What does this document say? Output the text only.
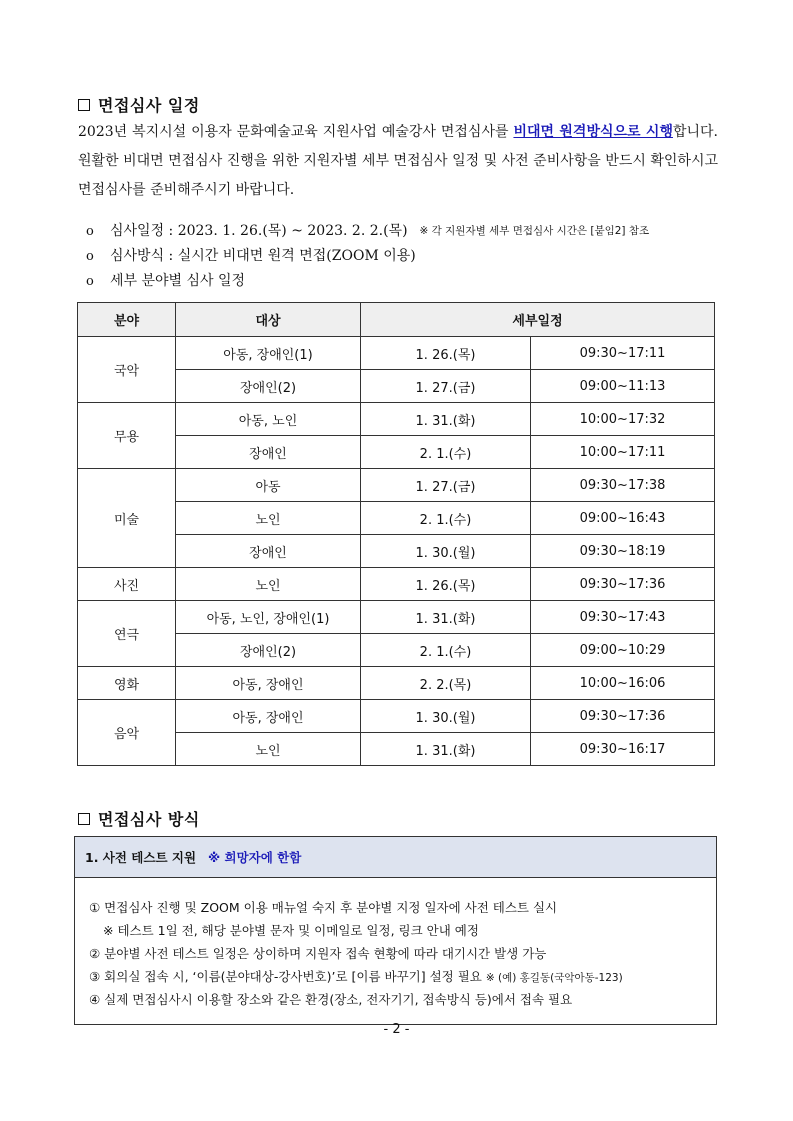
면접심사 일정
2023년 복지시설 이용자 문화예술교육 지원사업 예술강사 면접심사를 비대면 원격방식으로 시행합니다. 원활한 비대면 면접심사 진행을 위한 지원자별 세부 면접심사 일정 및 사전 준비사항을 반드시 확인하시고 면접심사를 준비해주시기 바랍니다.
o	심사일정 : 2023. 1. 26.(목) ~ 2023. 2. 2.(목) ※ 각 지원자별 세부 면접심사 시간은 [붙임2] 참조
o	심사방식 : 실시간 비대면 원격 면접(ZOOM 이용)
o	세부 분야별 심사 일정
분야	대상	세부일정	
국악	아동, 장애인(1)	1. 26.(목)	09:30~17:11
	장애인(2)	1. 27.(금)	09:00~11:13
무용	아동, 노인	1. 31.(화)	10:00~17:32
	장애인	2. 1.(수)	10:00~17:11
미술	아동	1. 27.(금)	09:30~17:38
	노인	2. 1.(수)	09:00~16:43
	장애인	1. 30.(월)	09:30~18:19
사진	노인	1. 26.(목)	09:30~17:36
연극	아동, 노인, 장애인(1)	1. 31.(화)	09:30~17:43
	장애인(2)	2. 1.(수)	09:00~10:29
영화	아동, 장애인	2. 2.(목)	10:00~16:06
음악	아동, 장애인	1. 30.(월)	09:30~17:36
	노인	1. 31.(화)	09:30~16:17
면접심사 방식
1. 사전 테스트 지원 ※ 희망자에 한함
① 면접심사 진행 및 ZOOM 이용 매뉴얼 숙지 후 분야별 지정 일자에 사전 테스트 실시
※ 테스트 1일 전, 해당 분야별 문자 및 이메일로 일정, 링크 안내 예정
② 분야별 사전 테스트 일정은 상이하며 지원자 접속 현황에 따라 대기시간 발생 가능
③ 회의실 접속 시, ‘이름(분야대상-강사번호)’로 [이름 바꾸기] 설정 필요 ※ (예) 홍길동(국악아동-123)
④ 실제 면접심사시 이용할 장소와 같은 환경(장소, 전자기기, 접속방식 등)에서 접속 필요
- 2 -
